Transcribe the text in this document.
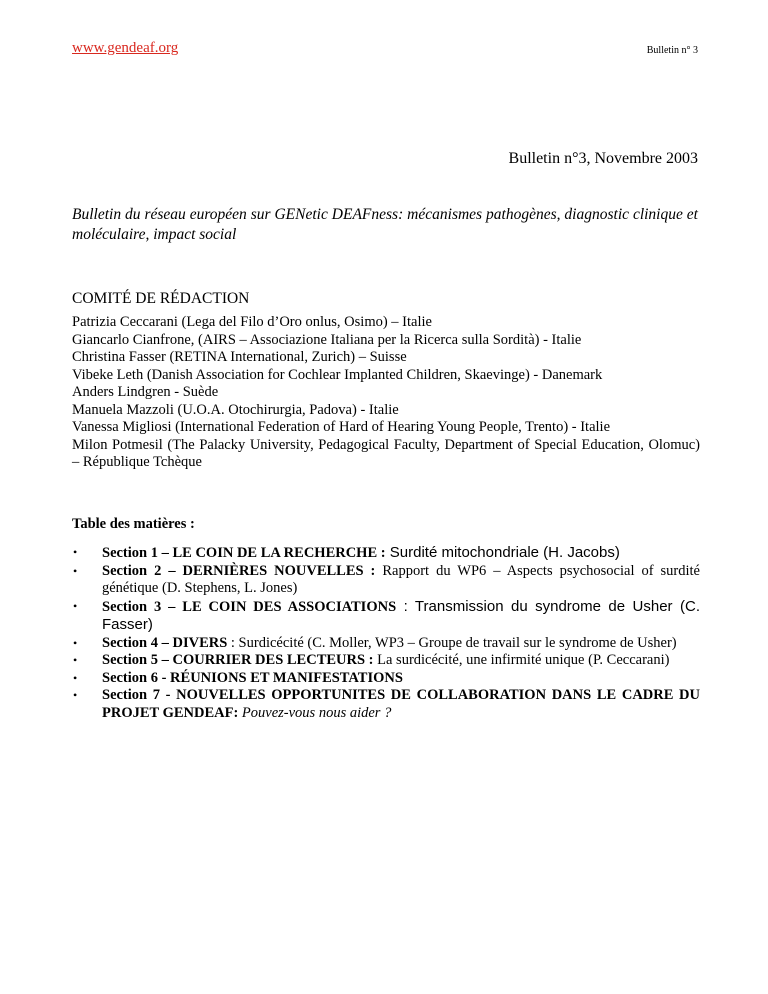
www.gendeaf.org	Bulletin n° 3
Bulletin n°3, Novembre 2003
Bulletin du réseau européen sur GENetic DEAFness: mécanismes pathogènes, diagnostic clinique et moléculaire, impact social
COMITÉ DE RÉDACTION
Patrizia Ceccarani (Lega del Filo d’Oro onlus, Osimo) – Italie
Giancarlo Cianfrone, (AIRS – Associazione Italiana per la Ricerca sulla Sordità) - Italie
Christina Fasser (RETINA International, Zurich) – Suisse
Vibeke Leth (Danish Association for Cochlear Implanted Children, Skaevinge) - Danemark
Anders Lindgren - Suède
Manuela Mazzoli (U.O.A. Otochirurgia, Padova) - Italie
Vanessa Migliosi (International Federation of Hard of Hearing Young People, Trento) - Italie
Milon Potmesil (The Palacky University, Pedagogical Faculty, Department of Special Education, Olomuc) – République Tchèque
Table des matières :
• Section 1 – LE COIN DE LA RECHERCHE : Surdité mitochondriale (H. Jacobs)
• Section 2 – DERNIÈRES NOUVELLES : Rapport du WP6 – Aspects psychosocial of surdité génétique (D. Stephens, L. Jones)
• Section 3 – LE COIN DES ASSOCIATIONS : Transmission du syndrome de Usher (C. Fasser)
• Section 4 – DIVERS : Surdicécité (C. Moller, WP3 – Groupe de travail sur le syndrome de Usher)
• Section 5 – COURRIER DES LECTEURS : La surdicécité, une infirmité unique (P. Ceccarani)
• Section 6 - RÉUNIONS ET MANIFESTATIONS
• Section 7 - NOUVELLES OPPORTUNITES DE COLLABORATION DANS LE CADRE DU PROJET GENDEAF: Pouvez-vous nous aider ?
